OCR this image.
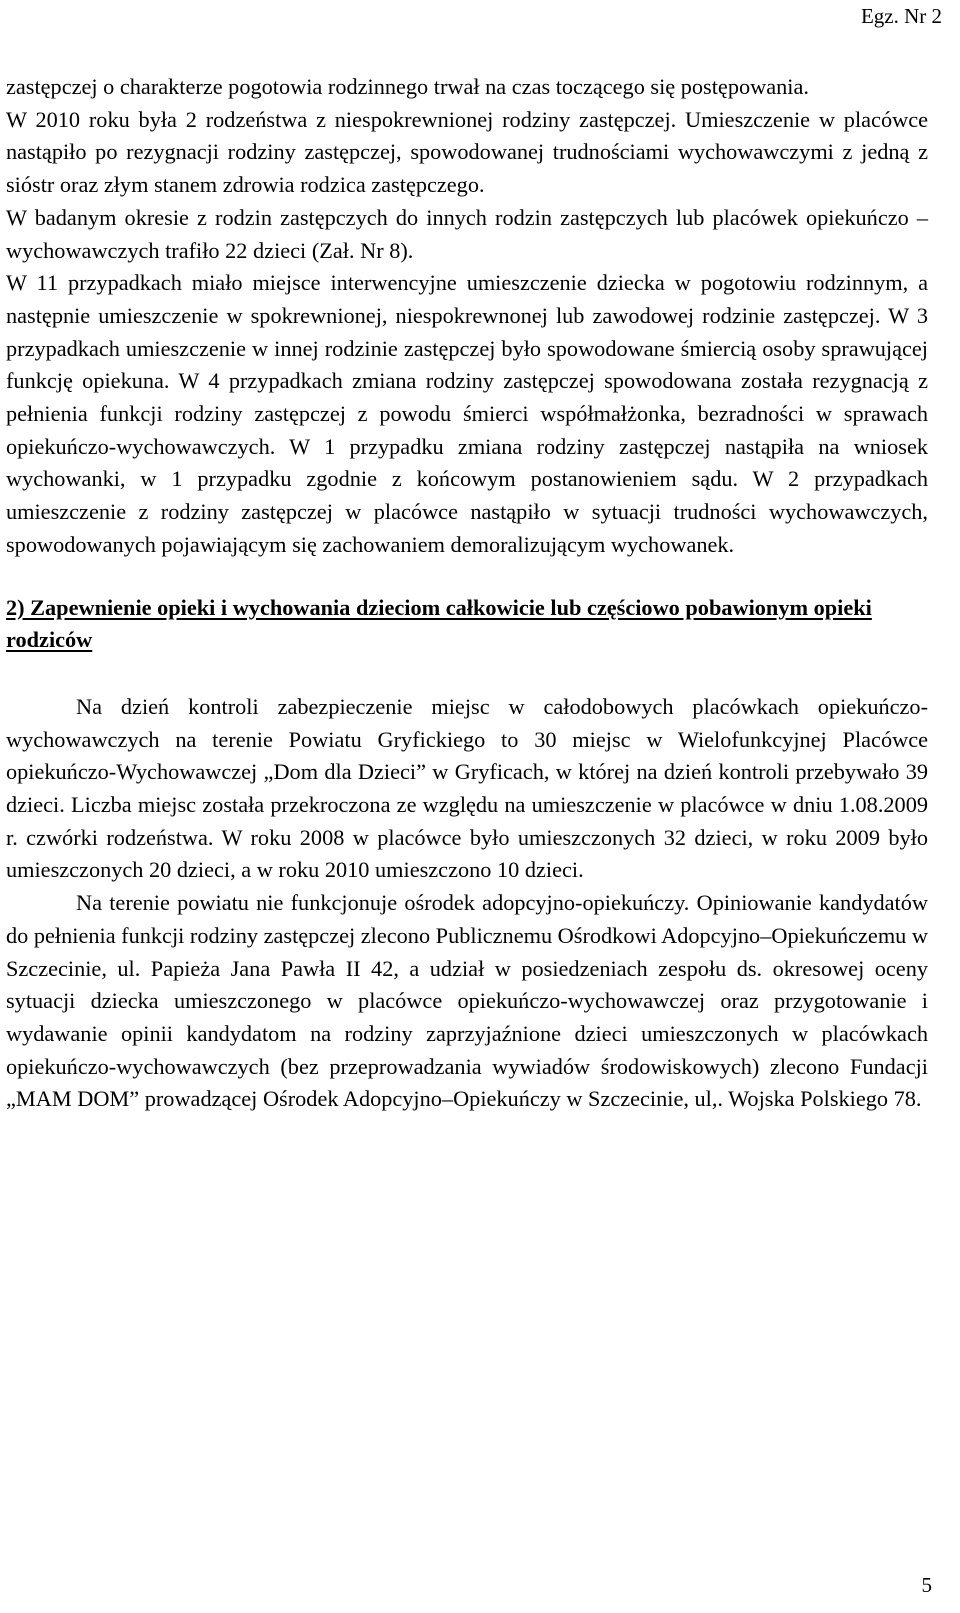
Egz. Nr 2

zastępczej o charakterze pogotowia rodzinnego trwał na czas toczącego się postępowania.

W 2010 roku była 2 rodzeństwa z niespokrewnionej rodziny zastępczej. Umieszczenie w placówce nastąpiło po rezygnacji rodziny zastępczej, spowodowanej trudnościami wychowawczymi z jedną z sióstr oraz złym stanem zdrowia rodzica zastępczego.

W badanym okresie z rodzin zastępczych do innych rodzin zastępczych lub placówek opiekuńczo – wychowawczych trafiło 22 dzieci (Zał. Nr 8).

W 11 przypadkach miało miejsce interwencyjne umieszczenie dziecka w pogotowiu rodzinnym, a następnie umieszczenie w spokrewnionej, niespokrewnonej lub zawodowej rodzinie zastępczej. W 3 przypadkach umieszczenie w innej rodzinie zastępczej było spowodowane śmiercią osoby sprawującej funkcję opiekuna. W 4 przypadkach zmiana rodziny zastępczej spowodowana została rezygnacją z pełnienia funkcji rodziny zastępczej z powodu śmierci współmałżonka, bezradności w sprawach opiekuńczo-wychowawczych. W 1 przypadku zmiana rodziny zastępczej nastąpiła na wniosek wychowanki, w 1 przypadku zgodnie z końcowym postanowieniem sądu. W 2 przypadkach umieszczenie z rodziny zastępczej w placówce nastąpiło w sytuacji trudności wychowawczych, spowodowanych pojawiającym się zachowaniem demoralizującym wychowanek.

2) Zapewnienie opieki i wychowania dzieciom całkowicie lub częściowo pobawionym opieki rodziców

Na dzień kontroli zabezpieczenie miejsc w całodobowych placówkach opiekuńczo-wychowawczych na terenie Powiatu Gryfickiego to 30 miejsc w Wielofunkcyjnej Placówce opiekuńczo-Wychowawczej „Dom dla Dzieci” w Gryficach, w której na dzień kontroli przebywało 39 dzieci. Liczba miejsc została przekroczona ze względu na umieszczenie w placówce w dniu 1.08.2009 r. czwórki rodzeństwa. W roku 2008 w placówce było umieszczonych 32 dzieci, w roku 2009 było umieszczonych 20 dzieci, a w roku 2010 umieszczono 10 dzieci.

Na terenie powiatu nie funkcjonuje ośrodek adopcyjno-opiekuńczy. Opiniowanie kandydatów do pełnienia funkcji rodziny zastępczej zlecono Publicznemu Ośrodkowi Adopcyjno–Opiekuńczemu w Szczecinie, ul. Papieża Jana Pawła II 42, a udział w posiedzeniach zespołu ds. okresowej oceny sytuacji dziecka umieszczonego w placówce opiekuńczo-wychowawczej oraz przygotowanie i wydawanie opinii kandydatom na rodziny zaprzyjaźnione dzieci umieszczonych w placówkach opiekuńczo-wychowawczych (bez przeprowadzania wywiadów środowiskowych) zlecono Fundacji „MAM DOM” prowadzącej Ośrodek Adopcyjno–Opiekuńczy w Szczecinie, ul,. Wojska Polskiego 78.

5
